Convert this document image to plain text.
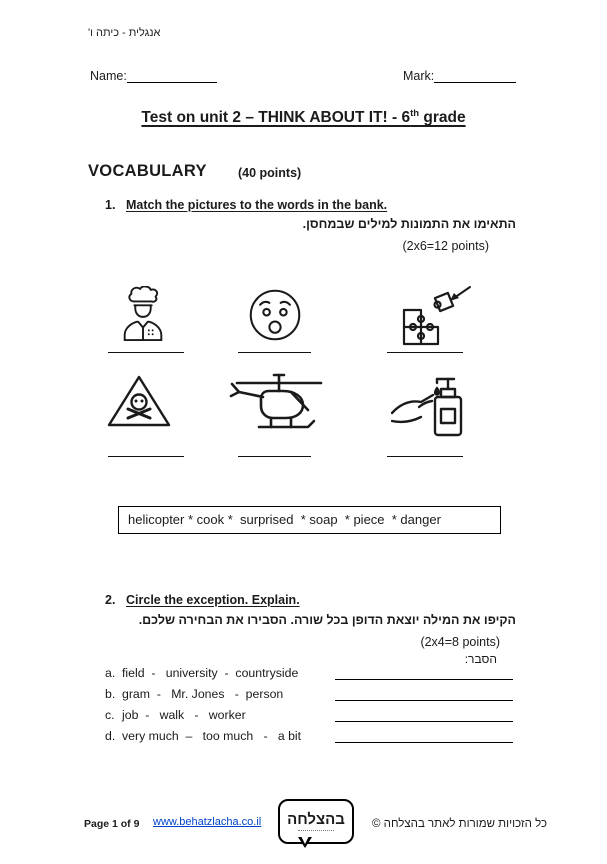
אנגלית - כיתה ו'
Name:	Mark:
Test on unit 2 – THINK ABOUT IT! - 6th grade
VOCABULARY (40 points)
1. Match the pictures to the words in the bank.
התאימו את התמונות למילים שבמחסן.
(2x6=12 points)
helicopter * cook *  surprised  * soap  * piece  * danger
2. Circle the exception. Explain.
הקיפו את המילה יוצאת הדופן בכל שורה. הסבירו את הבחירה שלכם.
(2x4=8 points)
הסבר:
a. field  -   university  -  countryside
b. gram  -   Mr. Jones   -  person
c. job  -   walk   -   worker
d. very much  –   too much   -   a bit
Page 1 of 9 www.behatzlacha.co.il בהצלחה כל הזכויות שמורות לאתר בהצלחה ©
